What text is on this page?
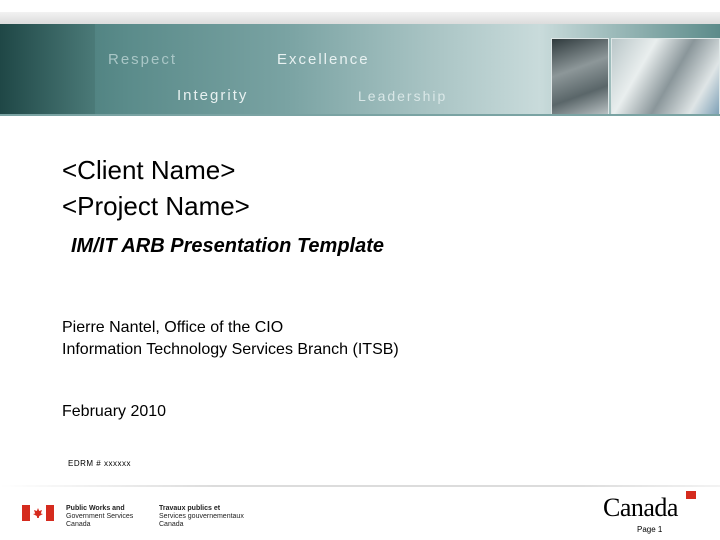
Respect	Excellence
Integrity	Leadership
<Client Name>
<Project Name>
IM/IT ARB Presentation Template
Pierre Nantel, Office of the CIO
Information Technology Services Branch (ITSB)
February 2010
EDRM # xxxxxx
Public Works and
Government Services
Canada
Travaux publics et
Services gouvernementaux
Canada
Canada
Page 1
